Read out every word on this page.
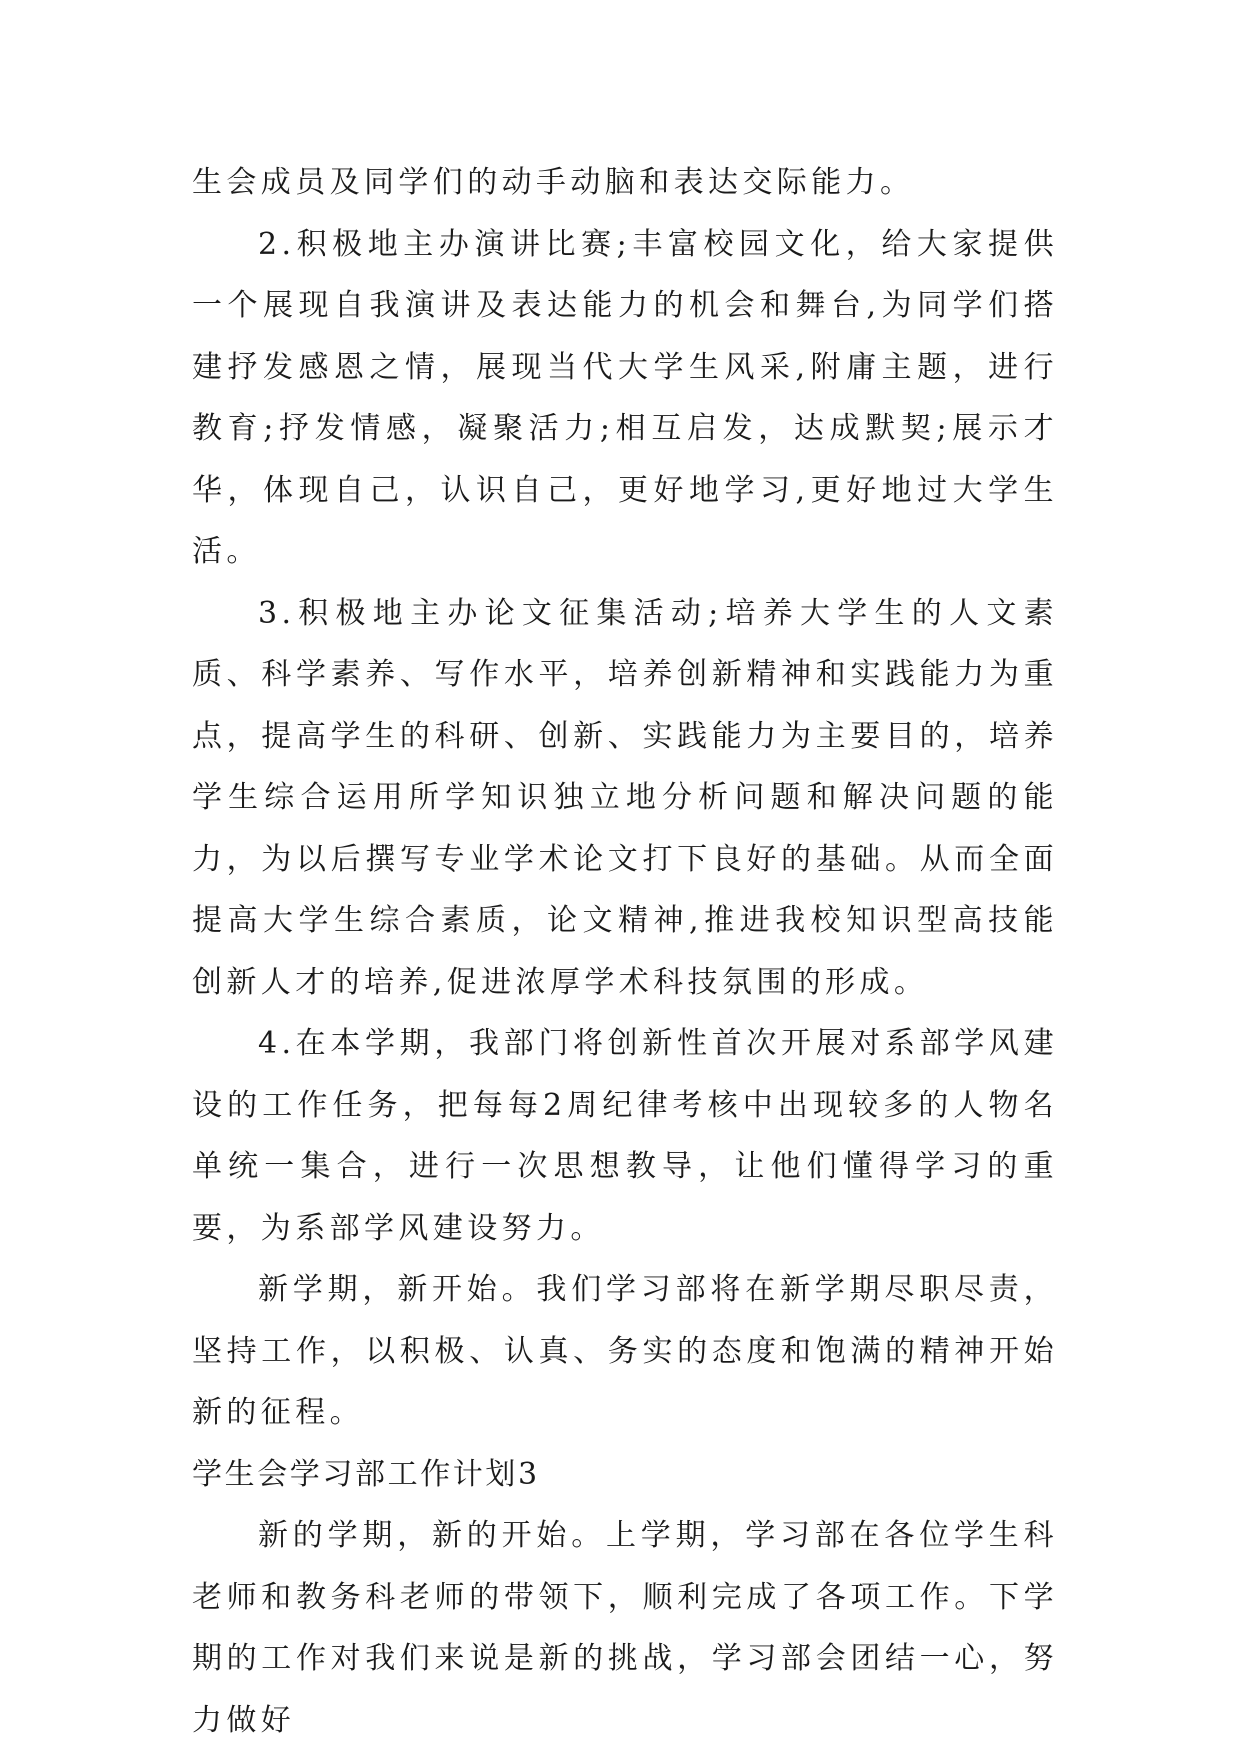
生会成员及同学们的动手动脑和表达交际能力。

2.积极地主办演讲比赛;丰富校园文化，给大家提供一个展现自我演讲及表达能力的机会和舞台,为同学们搭建抒发感恩之情，展现当代大学生风采,附庸主题，进行教育;抒发情感，凝聚活力;相互启发，达成默契;展示才华，体现自己，认识自己，更好地学习,更好地过大学生活。

3.积极地主办论文征集活动;培养大学生的人文素质、科学素养、写作水平，培养创新精神和实践能力为重点，提高学生的科研、创新、实践能力为主要目的，培养学生综合运用所学知识独立地分析问题和解决问题的能力，为以后撰写专业学术论文打下良好的基础。从而全面提高大学生综合素质，论文精神,推进我校知识型高技能创新人才的培养,促进浓厚学术科技氛围的形成。

4.在本学期，我部门将创新性首次开展对系部学风建设的工作任务，把每每2周纪律考核中出现较多的人物名单统一集合，进行一次思想教导，让他们懂得学习的重要，为系部学风建设努力。

新学期，新开始。我们学习部将在新学期尽职尽责，坚持工作，以积极、认真、务实的态度和饱满的精神开始新的征程。

学生会学习部工作计划3

新的学期，新的开始。上学期，学习部在各位学生科老师和教务科老师的带领下，顺利完成了各项工作。下学期的工作对我们来说是新的挑战，学习部会团结一心，努力做好
